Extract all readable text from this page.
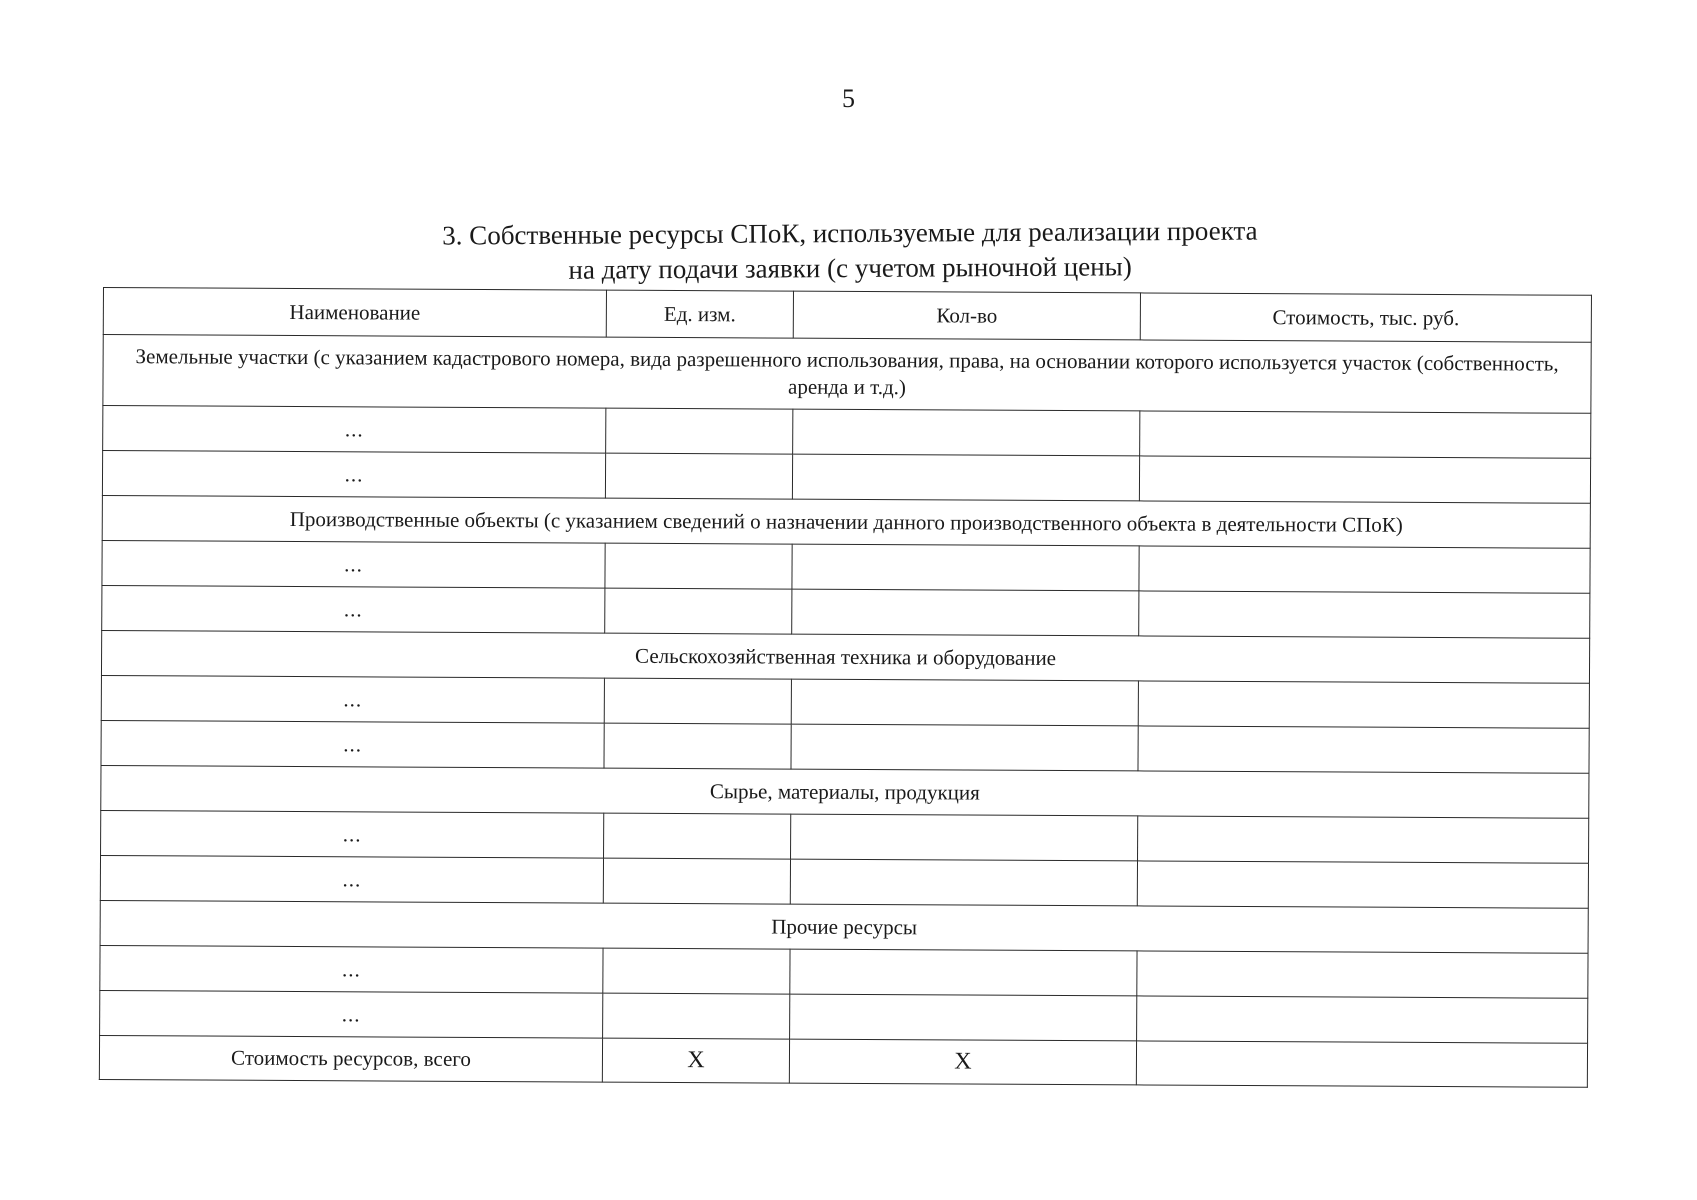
5
3. Собственные ресурсы СПоК, используемые для реализации проекта
на дату подачи заявки (с учетом рыночной цены)
Наименование	Ед. изм.	Кол-во	Стоимость, тыс. руб.
Земельные участки (с указанием кадастрового номера, вида разрешенного использования, права, на основании которого используется участок (собственность, аренда и т.д.)			
...			
...			
Производственные объекты (с указанием сведений о назначении данного производственного объекта в деятельности СПоК)			
...			
...			
Сельскохозяйственная техника и оборудование			
...			
...			
Сырье, материалы, продукция			
...			
...			
Прочие ресурсы			
...			
...			
Стоимость ресурсов, всего	Х	Х	
